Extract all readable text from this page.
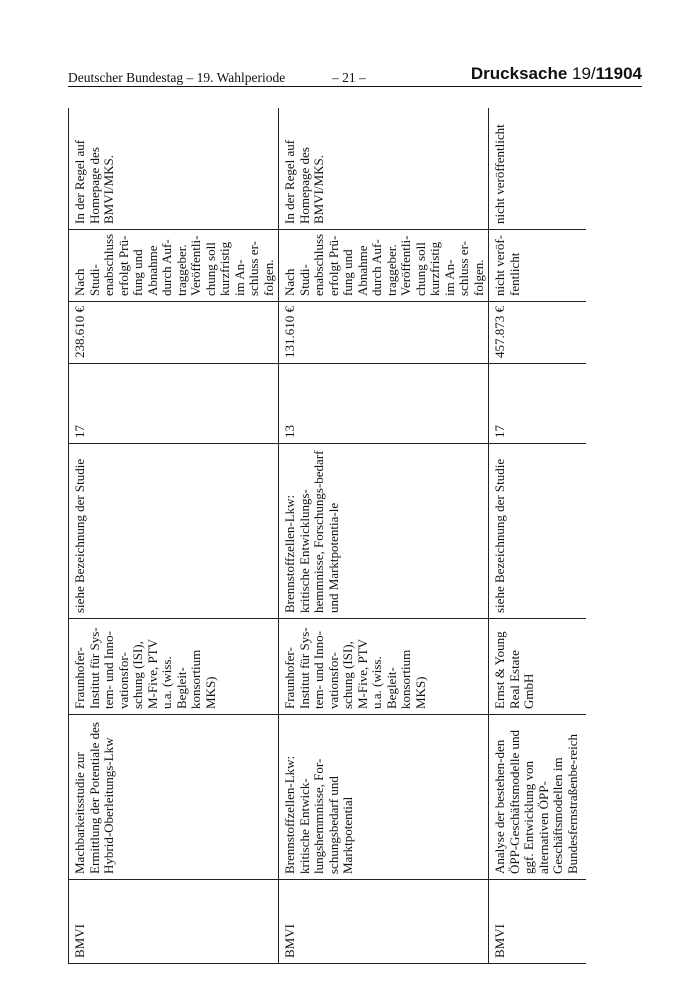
Deutscher Bundestag – 19. Wahlperiode	– 21 –	Drucksache 19/11904
BMVI	Machbarkeitsstudie zur Ermittlung der Potentiale des Hybrid-Oberleitungs-Lkw	Fraunhofer-Institut für Sys-tem- und Inno-vationsfor-schung (ISI), M-Five, PTV u.a. (wiss. Begleit-konsortium MKS)	siehe Bezeichnung der Studie	17	238.610 €	Nach Studi-enabschluss erfolgt Prü-fung und Abnahme durch Auf-traggeber. Veröffentli-chung soll kurzfristig im An-schluss er-folgen.	In der Regel auf Homepage des BMVI/MKS.
BMVI	Brennstoffzellen-Lkw: kritische Entwick-lungshemmnisse, For-schungsbedarf und Marktpotential	Fraunhofer-Institut für Sys-tem- und Inno-vationsfor-schung (ISI), M-Five, PTV u.a. (wiss. Begleit-konsortium MKS)	Brennstoffzellen-Lkw: kritische Entwicklungs-hemmnisse, Forschungs-bedarf und Marktpotentia-le	13	131.610 €	Nach Studi-enabschluss erfolgt Prü-fung und Abnahme durch Auf-traggeber. Veröffentli-chung soll kurzfristig im An-schluss er-folgen.	In der Regel auf Homepage des BMVI/MKS.
BMVI	Analyse der bestehen-den ÖPP-Geschäftsmodelle und ggf. Entwicklung von alternativen ÖPP-Geschäftsmodellen im Bundesfernstraßenbe-reich	Ernst & Young Real Estate GmbH	siehe Bezeichnung der Studie	17	457.873 €	nicht veröf-fentlicht	nicht veröffentlicht
